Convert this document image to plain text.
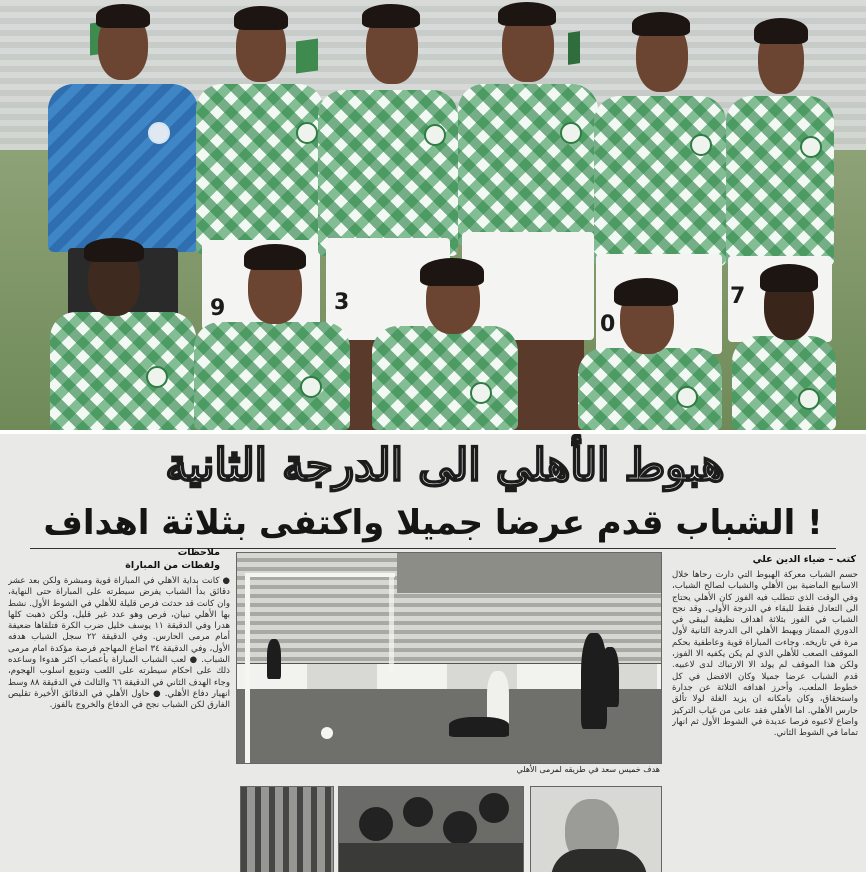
9	3
0
7
هبوط الأهلي الى الدرجة الثانية
الشباب قدم عرضا جميلا واكتفى بثلاثة اهداف !
ملاحظات
ولقطات من المباراة

● كانت بداية الأهلي في المباراة قوية ومبشرة ولكن بعد عشر دقائق بدأ الشباب يفرض سيطرته على المباراة حتى النهاية، وان كانت قد حدثت فرص قليلة للأهلي في الشوط الأول. نشط بها الأهلي تبيان، فرص وهو عدد غير قليل، ولكن ذهبت كلها هدرا وفي الدقيقة ١١ يوسف خليل ضرب الكرة فتلقاها ضعيفة أمام مرمى الحارس. وفي الدقيقة ٢٢ سجل الشباب هدفه الأول، وفي الدقيقة ٣٤ اضاع المهاجم فرصة مؤكدة امام مرمى الشباب. ● لعب الشباب المباراة بأعصاب اكثر هدوءا وساعده ذلك على احكام سيطرته على اللعب وتنويع اسلوب الهجوم، وجاء الهدف الثاني في الدقيقة ٦٦ والثالث في الدقيقة ٨٨ وسط انهيار دفاع الأهلي. ● حاول الأهلي في الدقائق الأخيرة تقليص الفارق لكن الشباب نجح في الدفاع والخروج بالفوز.

كتب – ضياء الدين علي

حسم الشباب معركة الهبوط التي دارت رحاها خلال الاسابيع الماضية بين الأهلي والشباب لصالح الشباب، وفي الوقت الذي تتطلب فيه الفوز كان الأهلي يحتاج الى التعادل فقط للبقاء في الدرجة الأولى. وقد نجح الشباب في الفوز بثلاثة اهداف نظيفة ليبقى في الدوري الممتاز ويهبط الأهلي الى الدرجة الثانية لأول مرة في تاريخه. وجاءت المباراة قوية وعاطفية بحكم الموقف الصعب للأهلي الذي لم يكن يكفيه الا الفوز، ولكن هذا الموقف لم يولد الا الارتباك لدى لاعبيه. قدم الشباب عرضا جميلا وكان الافضل في كل خطوط الملعب، وأحرز اهدافه الثلاثة عن جدارة واستحقاق، وكان بامكانه ان يزيد الغلة لولا تألق حارس الأهلي. اما الأهلي فقد عانى من غياب التركيز واضاع لاعبوه فرصا عديدة في الشوط الأول ثم انهار تماما في الشوط الثاني.

هدف خميس سعد في طريقه لمرمى الأهلي
